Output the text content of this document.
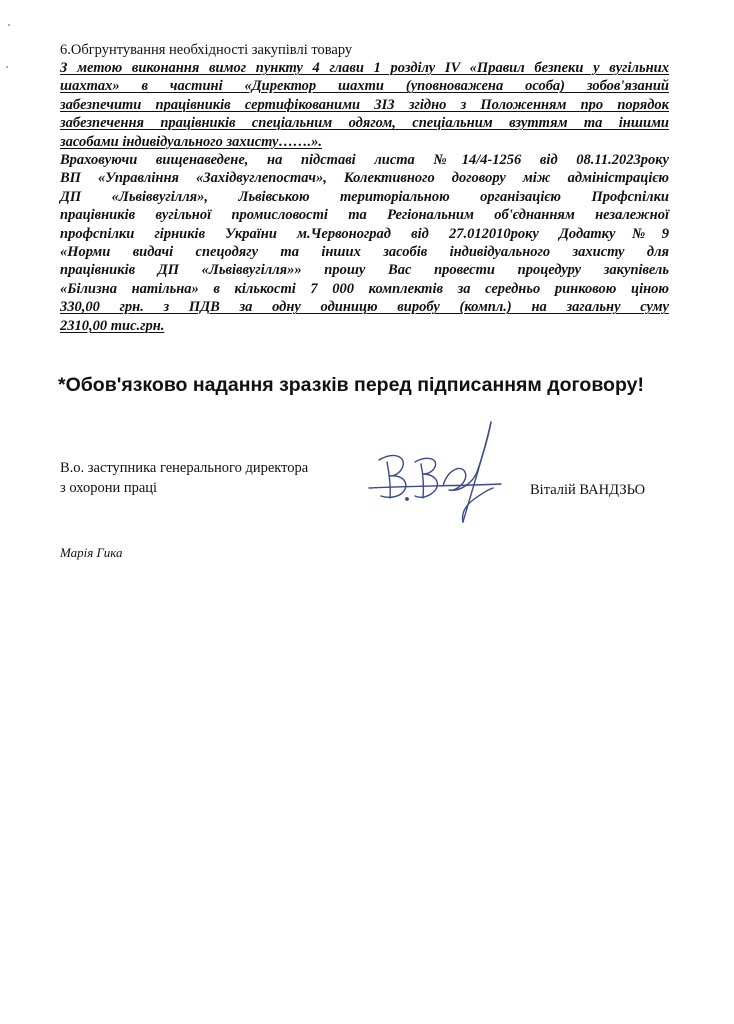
6.Обгрунтування необхідності закупівлі товару
З метою виконання вимог пункту 4 глави 1 розділу IV «Правил безпеки у вугільних
шахтах» в частині «Директор шахти (уповноважена особа) зобов'язаний
забезпечити працівників сертифікованими ЗІЗ згідно з Положенням про порядок
забезпечення працівників спеціальним одягом, спеціальним взуттям та іншими
засобами індивідуального захисту…….».
Враховуючи вищенаведене, на підставі листа №14/4-1256 від 08.11.2023року
ВП «Управління «Західвуглепостач», Колективного договору між адміністрацією
ДП «Львіввугілля», Львівською територіальною організацією Профспілки
працівників вугільної промисловості та Регіональним об'єднанням незалежної
профспілки гірників України м.Червоноград від 27.012010року Додатку№9
«Норми видачі спецодягу та інших засобів індивідуального захисту для
працівників ДП «Львіввугілля»» прошу Вас провести процедуру закупівель
«Білизна натільна» в кількості 7 000 комплектів за середньо ринковою ціною
330,00 грн. з ПДВ за одну одиницю виробу (компл.) на загальну суму
2310,00 тис.грн.
*Обов'язково надання зразків перед підписанням договору!
В.о. заступника генерального директора
з охорони праці	Віталій ВАНДЗЬО
Марія Гика
